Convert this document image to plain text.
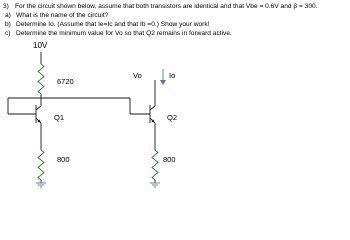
3) For the circuit shown below, assume that both transistors are identical and that Vbe = 0.6V and β = 300.
a) What is the name of the circuit?
b) Determine Io. (Assume that Ie=Ic and that Ib =0.) Show your work!
c) Determine the minimum value for Vo so that Q2 remains in forward active.
10V
6720
Q1
800
Vo	Io
Q2
800
